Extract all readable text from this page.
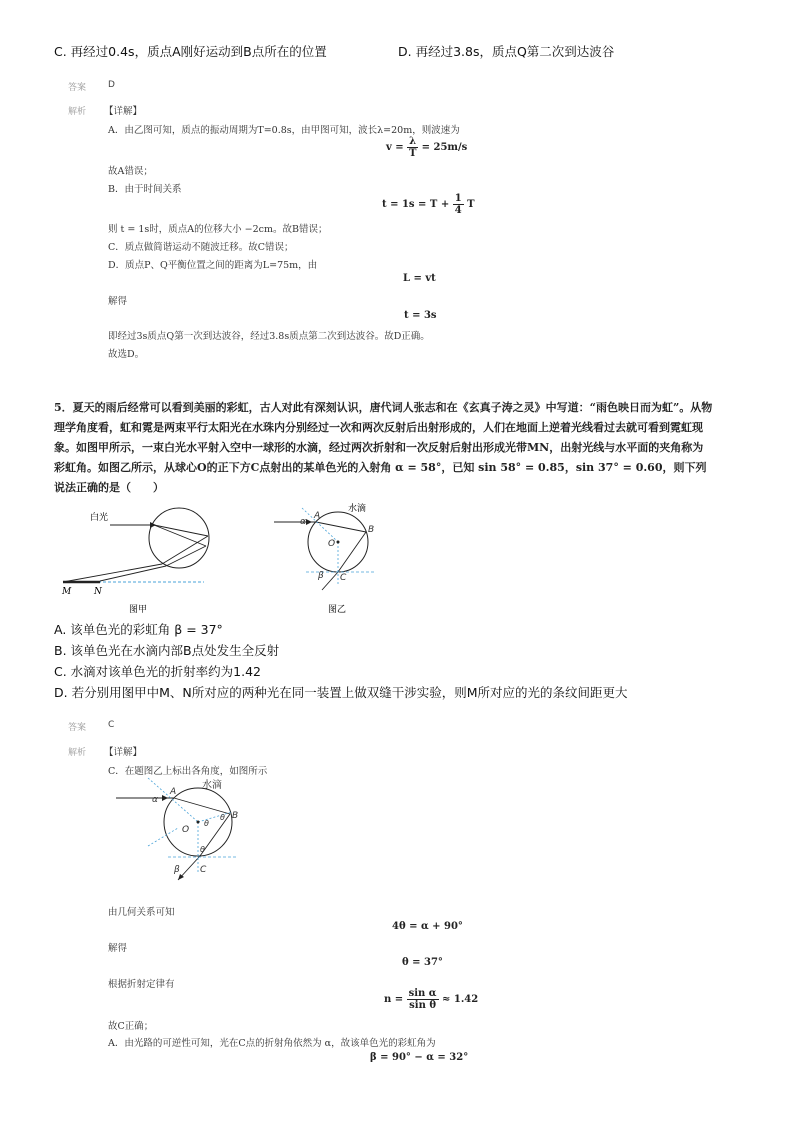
C. 再经过0.4s，质点A刚好运动到B点所在的位置	D. 再经过3.8s，质点Q第二次到达波谷
答案 D
解析 【详解】
A．由乙图可知，质点的振动周期为T=0.8s，由甲图可知，波长λ=20m，则波速为
$v = \frac{\lambda}{T} = 25m/s$
故A错误；
B．由于时间关系
$t = 1s = T + \frac{1}{4}$ T
则 t = 1s时，质点A的位移大小 −2cm。故B错误；
C．质点做简谐运动不随波迁移。故C错误；
D．质点P、Q平衡位置之间的距离为L=75m，由
L = vt
解得
t = 3s
即经过3s质点Q第一次到达波谷，经过3.8s质点第二次到达波谷。故D正确。
故选D。
5．夏天的雨后经常可以看到美丽的彩虹，古人对此有深刻认识，唐代词人张志和在《玄真子涛之灵》中写道：“雨色映日而为虹”。从物理学角度看，虹和霓是两束平行太阳光在水珠内分别经过一次和两次反射后出射形成的，人们在地面上逆着光线看过去就可看到霓虹现象。如图甲所示，一束白光水平射入空中一球形的水滴，经过两次折射和一次反射后射出形成光带MN，出射光线与水平面的夹角称为彩虹角。如图乙所示，从球心O的正下方C点射出的某单色光的入射角 α = 58°，已知 sin 58° = 0.85，sin 37° = 0.60，则下列说法正确的是（　　）
白光
M	N
图甲
α
A
B
O
β C
水滴
图乙
A. 该单色光的彩虹角 β = 37°
B. 该单色光在水滴内部B点处发生全反射
C. 水滴对该单色光的折射率约为1.42
D. 若分别用图甲中M、N所对应的两种光在同一装置上做双缝干涉实验，则M所对应的光的条纹间距更大
答案 C
解析 【详解】
C．在题图乙上标出各角度，如图所示
α
A
B
O
θ
θ
θ
β C
水滴
由几何关系可知
4θ = α + 90°
解得
θ = 37°
根据折射定律有
$n = \frac{\text{sin α}}{\text{sin θ}} \approx 1.42$
故C正确；
A．由光路的可逆性可知，光在C点的折射角依然为 α，故该单色光的彩虹角为
β = 90° − α = 32°
